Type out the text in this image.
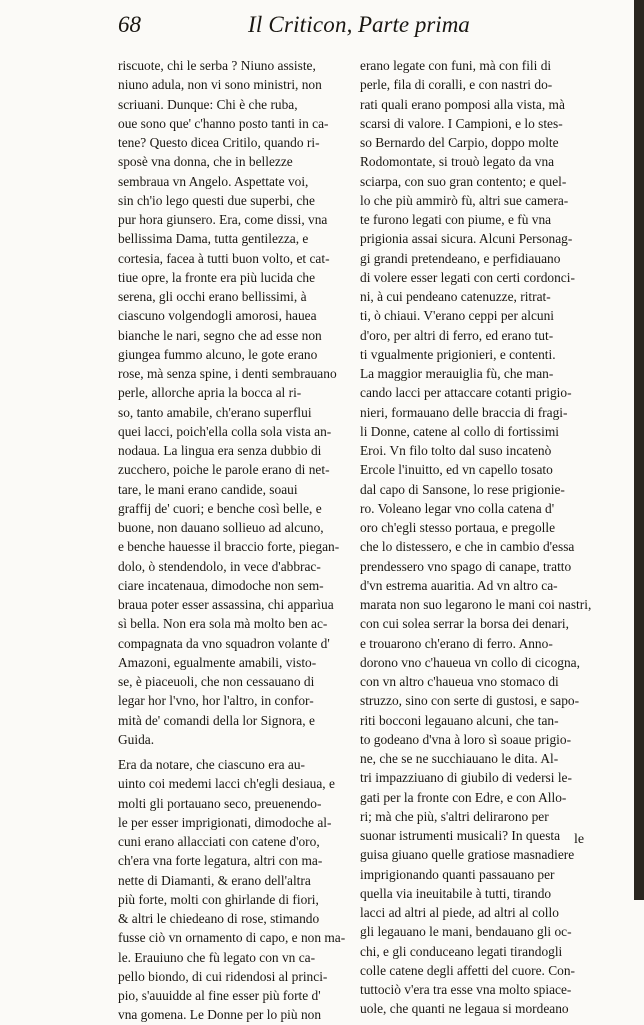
68	Il Criticon, Parte prima
riscuote, chi le serba ? Niuno assiste,
niuno adula, non vi sono ministri, non
scriuani. Dunque: Chi è che ruba,
oue sono que' c'hanno posto tanti in ca-
tene? Questo dicea Critilo, quando ri-
sposè vna donna, che in bellezze
sembraua vn Angelo. Aspettate voi,
sin ch'io lego questi due superbi, che
pur hora giunsero. Era, come dissi, vna
bellissima Dama, tutta gentilezza, e
cortesia, facea à tutti buon volto, et cat-
tiue opre, la fronte era più lucida che
serena, gli occhi erano bellissimi, à
ciascuno volgendogli amorosi, hauea
bianche le nari, segno che ad esse non
giungea fummo alcuno, le gote erano
rose, mà senza spine, i denti sembrauano
perle, allorche apria la bocca al ri-
so, tanto amabile, ch'erano superflui
quei lacci, poich'ella colla sola vista an-
nodaua. La lingua era senza dubbio di
zucchero, poiche le parole erano di net-
tare, le mani erano candide, soaui
graffij de' cuori; e benche così belle, e
buone, non dauano sollieuo ad alcuno,
e benche hauesse il braccio forte, piegan-
dolo, ò stendendolo, in vece d'abbrac-
ciare incatenaua, dimodoche non sem-
braua poter esser assassina, chi apparìua
sì bella. Non era sola mà molto ben ac-
compagnata da vno squadron volante d'
Amazoni, egualmente amabili, visto-
se, è piaceuoli, che non cessauano di
legar hor l'vno, hor l'altro, in confor-
mità de' comandi della lor Signora, e
Guida.
Era da notare, che ciascuno era au-
uinto coi medemi lacci ch'egli desiaua, e
molti gli portauano seco, preuenendo-
le per esser imprigionati, dimodoche al-
cuni erano allacciati con catene d'oro,
ch'era vna forte legatura, altri con ma-
nette di Diamanti, & erano dell'altra
più forte, molti con ghirlande di fiori,
& altri le chiedeano di rose, stimando
fusse ciò vn ornamento di capo, e non ma-
le. Erauiuno che fù legato con vn ca-
pello biondo, di cui ridendosi al princi-
pio, s'auuidde al fine esser più forte d'
vna gomena. Le Donne per lo più non
erano legate con funi, mà con fili di
perle, fila di coralli, e con nastri do-
rati quali erano pomposi alla vista, mà
scarsi di valore. I Campioni, e lo stes-
so Bernardo del Carpio, doppo molte
Rodomontate, si trouò legato da vna
sciarpa, con suo gran contento; e quel-
lo che più ammirò fù, altri sue camera-
te furono legati con piume, e fù vna
prigionia assai sicura. Alcuni Personag-
gi grandi pretendeano, e perfidiauano
di volere esser legati con certi cordonci-
ni, à cui pendeano catenuzze, ritrat-
ti, ò chiaui. V'erano ceppi per alcuni
d'oro, per altri di ferro, ed erano tut-
ti vgualmente prigionieri, e contenti.
La maggior merauiglia fù, che man-
cando lacci per attaccare cotanti prigio-
nieri, formauano delle braccia di fragi-
li Donne, catene al collo di fortissimi
Eroi. Vn filo tolto dal suso incatenò
Ercole l'inuitto, ed vn capello tosato
dal capo di Sansone, lo rese prigionie-
ro. Voleano legar vno colla catena d'
oro ch'egli stesso portaua, e pregolle
che lo distessero, e che in cambio d'essa
prendessero vno spago di canape, tratto
d'vn estrema auaritia. Ad vn altro ca-
marata non suo legarono le mani coi nastri,
con cui solea serrar la borsa dei denari,
e trouarono ch'erano di ferro. Anno-
dorono vno c'haueua vn collo di cicogna,
con vn altro c'haueua vno stomaco di
struzzo, sino con serte di gustosi, e sapo-
riti bocconi legauano alcuni, che tan-
to godeano d'vna à loro sì soaue prigio-
ne, che se ne succhiauano le dita. Al-
tri impazziuano di giubilo di vedersi le-
gati per la fronte con Edre, e con Allo-
ri; mà che più, s'altri delirarono per
suonar istrumenti musicali? In questa
guisa giuano quelle gratiose masnadiere
imprigionando quanti passauano per
quella via ineuitabile à tutti, tirando
lacci ad altri al piede, ad altri al collo
gli legauano le mani, bendauano gli oc-
chi, e gli conduceano legati tirandogli
colle catene degli affetti del cuore. Con-
tuttociò v'era tra esse vna molto spiace-
uole, che quanti ne legaua si mordeano
le
